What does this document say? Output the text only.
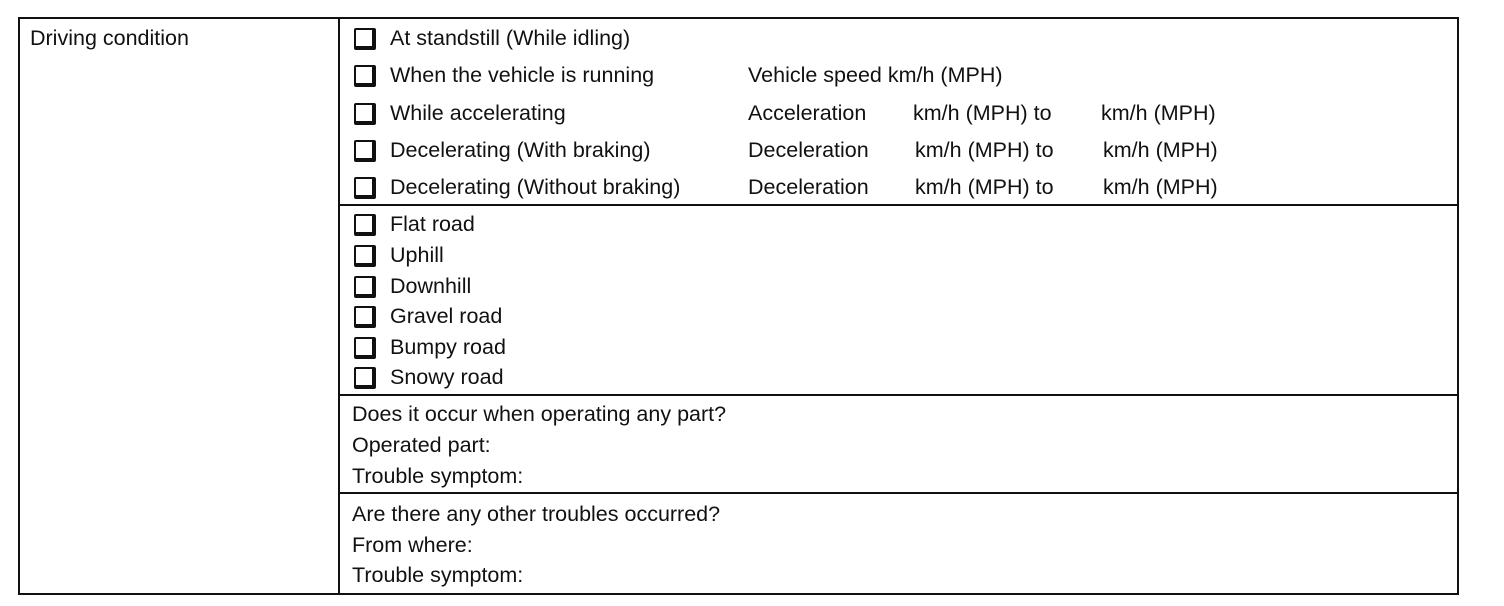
Driving condition	At standstill (While idling)
When the vehicle is running	Vehicle speed km/h (MPH)
While accelerating	Acceleration km/h (MPH) to km/h (MPH)
Decelerating (With braking)	Deceleration km/h (MPH) to km/h (MPH)
Decelerating (Without braking)	Deceleration km/h (MPH) to km/h (MPH)
Flat road
Uphill
Downhill
Gravel road
Bumpy road
Snowy road
Does it occur when operating any part?
Operated part:
Trouble symptom:
Are there any other troubles occurred?
From where:
Trouble symptom:
